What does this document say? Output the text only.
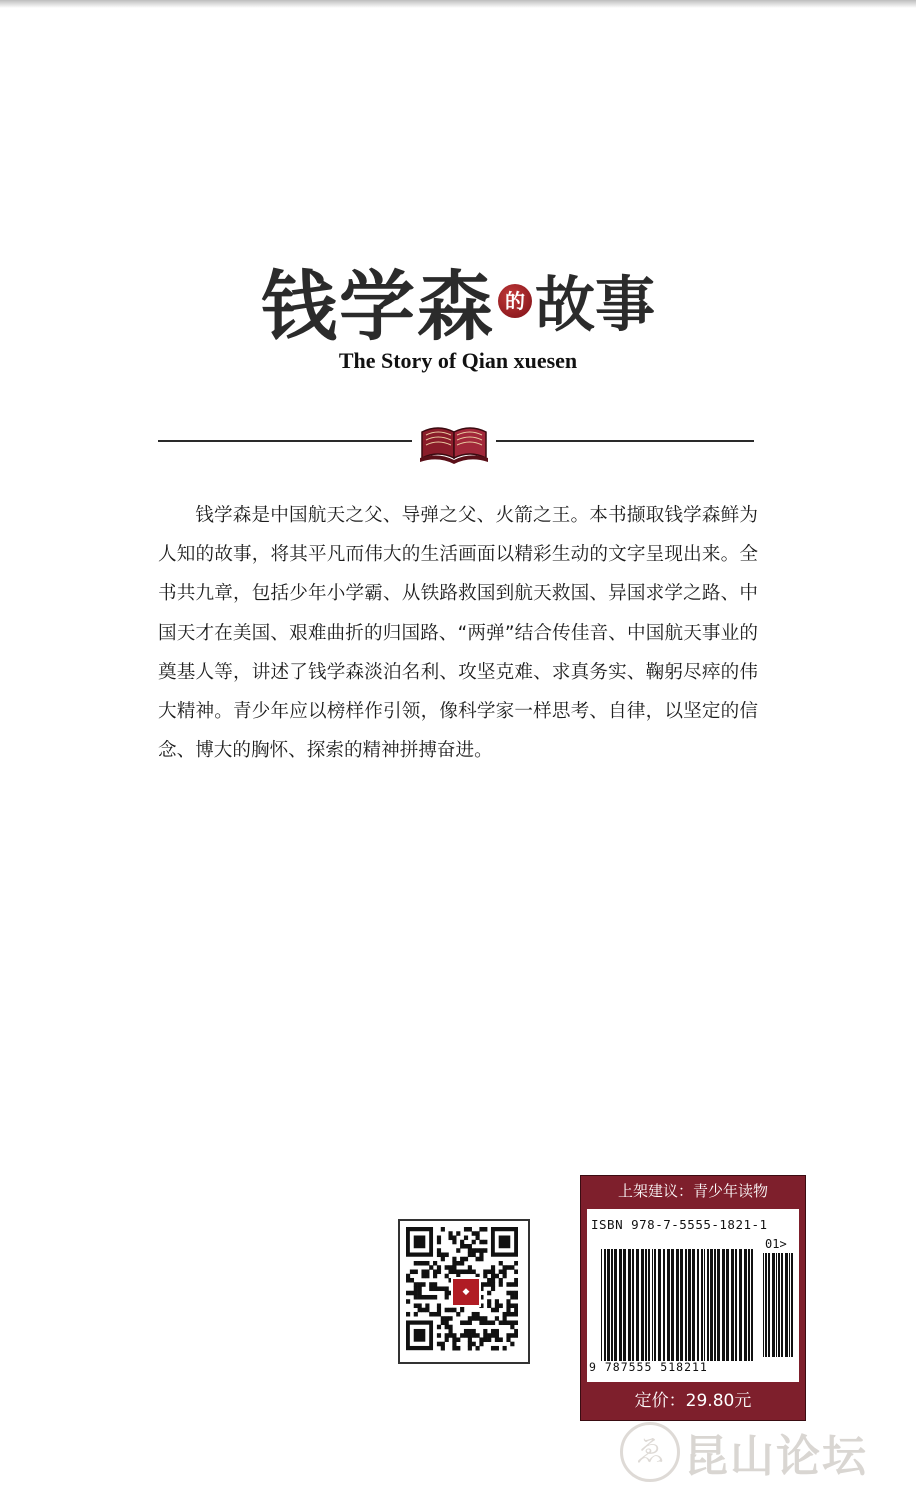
钱学森 的 故事
The Story of Qian xuesen
钱学森是中国航天之父、导弹之父、火箭之王。本书撷取钱学森鲜为人知的故事，将其平凡而伟大的生活画面以精彩生动的文字呈现出来。全书共九章，包括少年小学霸、从铁路救国到航天救国、异国求学之路、中国天才在美国、艰难曲折的归国路、“两弹”结合传佳音、中国航天事业的奠基人等，讲述了钱学森淡泊名利、攻坚克难、求真务实、鞠躬尽瘁的伟大精神。青少年应以榜样作引领，像科学家一样思考、自律，以坚定的信念、博大的胸怀、探索的精神拼搏奋进。
◆
上架建议：青少年读物
ISBN 978-7-5555-1821-1
01>
9 787555 518211
定价：29.80元
ゑ 昆山论坛
